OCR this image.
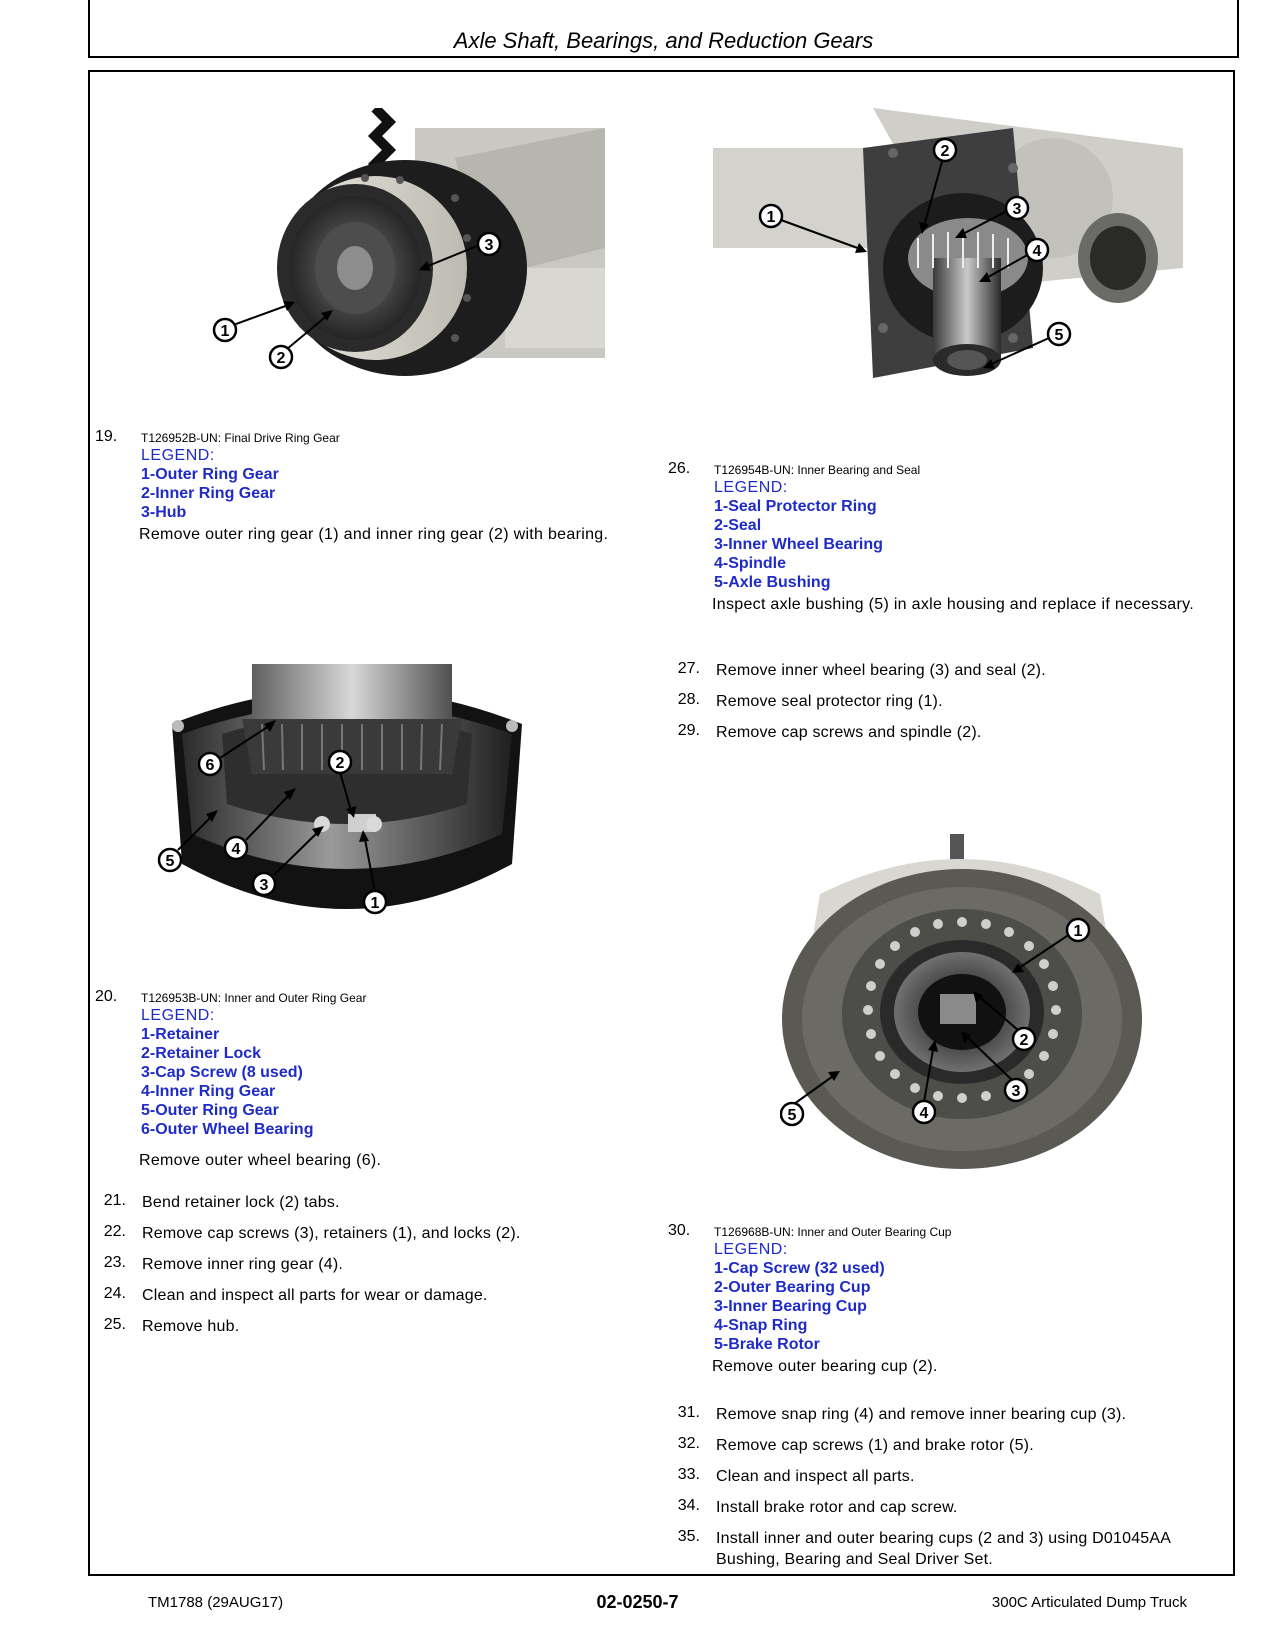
Axle Shaft, Bearings, and Reduction Gears
1
2
3
19. T126952B-UN: Final Drive Ring Gear
LEGEND:
1-Outer Ring Gear
2-Inner Ring Gear
3-Hub
Remove outer ring gear (1) and inner ring gear (2) with bearing.
1
2
3
4
5
6
20. T126953B-UN: Inner and Outer Ring Gear
LEGEND:
1-Retainer
2-Retainer Lock
3-Cap Screw (8 used)
4-Inner Ring Gear
5-Outer Ring Gear
6-Outer Wheel Bearing
Remove outer wheel bearing (6).
21. Bend retainer lock (2) tabs.
22. Remove cap screws (3), retainers (1), and locks (2).
23. Remove inner ring gear (4).
24. Clean and inspect all parts for wear or damage.
25. Remove hub.
1
2
3
4
5
26. T126954B-UN: Inner Bearing and Seal
LEGEND:
1-Seal Protector Ring
2-Seal
3-Inner Wheel Bearing
4-Spindle
5-Axle Bushing
Inspect axle bushing (5) in axle housing and replace if necessary.
27. Remove inner wheel bearing (3) and seal (2).
28. Remove seal protector ring (1).
29. Remove cap screws and spindle (2).
1
2
3
4
5
30. T126968B-UN: Inner and Outer Bearing Cup
LEGEND:
1-Cap Screw (32 used)
2-Outer Bearing Cup
3-Inner Bearing Cup
4-Snap Ring
5-Brake Rotor
Remove outer bearing cup (2).
31. Remove snap ring (4) and remove inner bearing cup (3).
32. Remove cap screws (1) and brake rotor (5).
33. Clean and inspect all parts.
34. Install brake rotor and cap screw.
35. Install inner and outer bearing cups (2 and 3) using D01045AA Bushing, Bearing and Seal Driver Set.
TM1788 (29AUG17)	02-0250-7	300C Articulated Dump Truck
